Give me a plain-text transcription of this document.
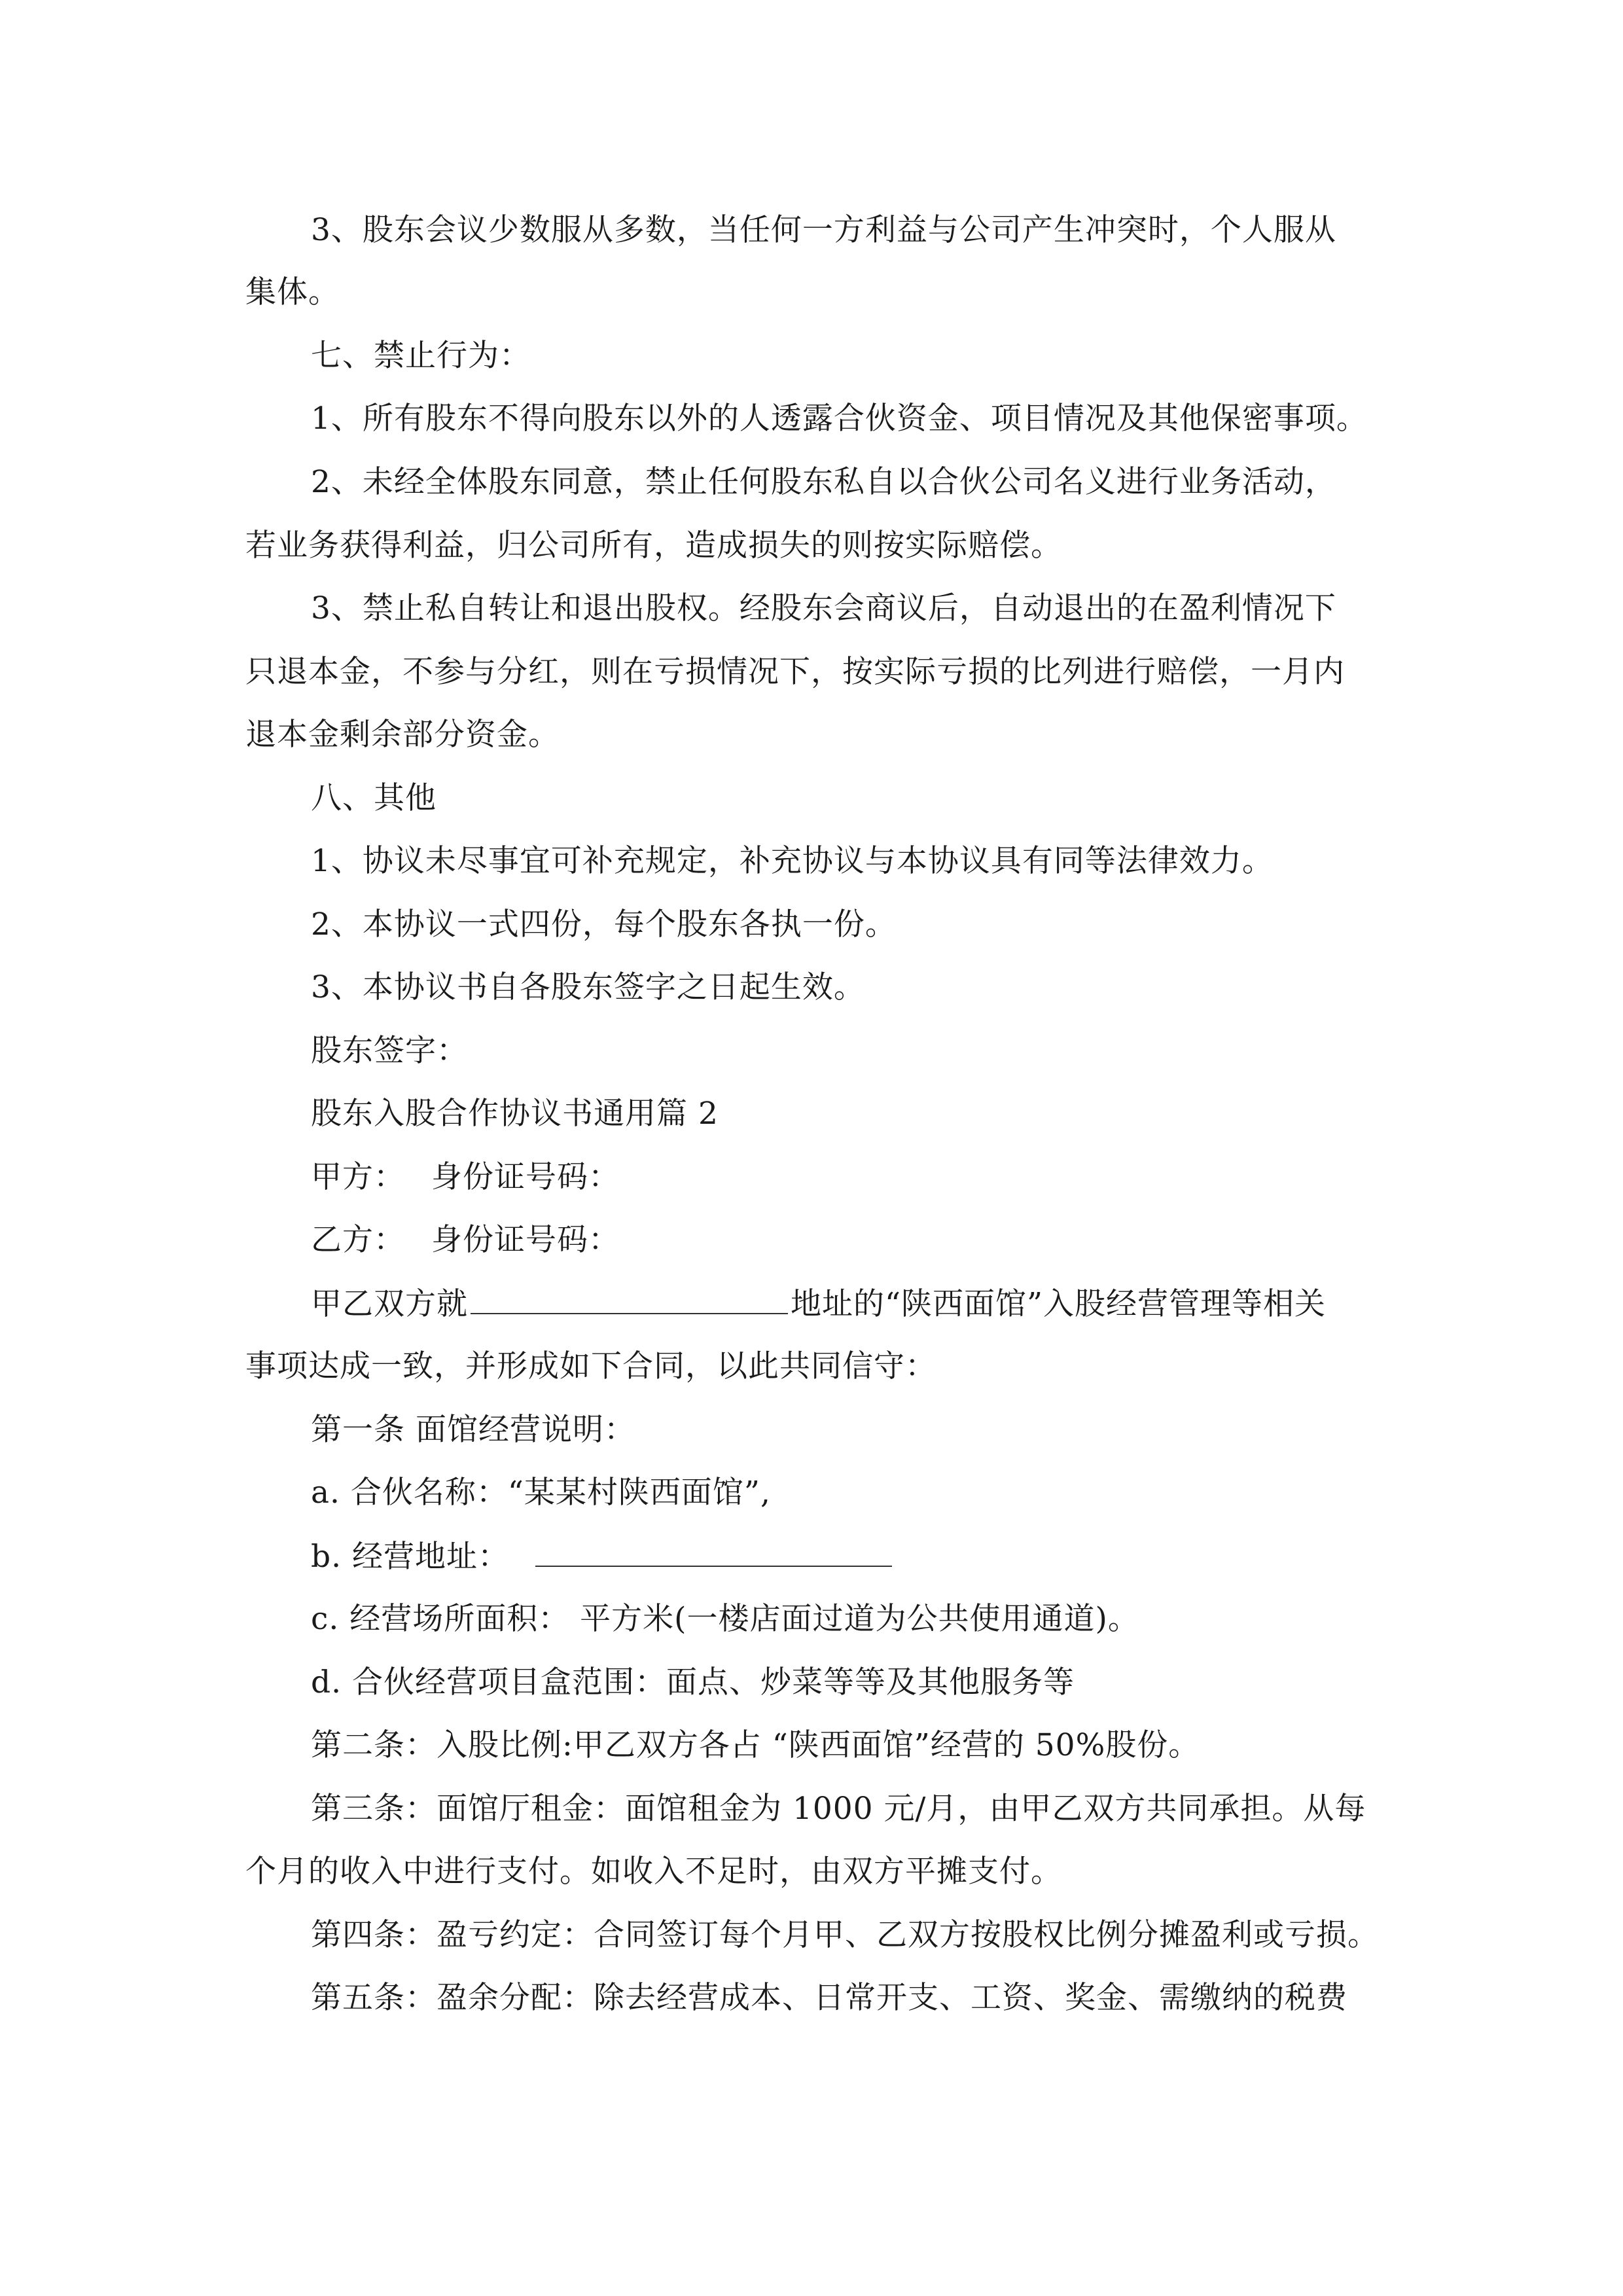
3、股东会议少数服从多数，当任何一方利益与公司产生冲突时，个人服从
集体。
七、禁止行为：
1、所有股东不得向股东以外的人透露合伙资金、项目情况及其他保密事项。
2、未经全体股东同意，禁止任何股东私自以合伙公司名义进行业务活动，
若业务获得利益，归公司所有，造成损失的则按实际赔偿。
3、禁止私自转让和退出股权。经股东会商议后，自动退出的在盈利情况下
只退本金，不参与分红，则在亏损情况下，按实际亏损的比列进行赔偿，一月内
退本金剩余部分资金。
八、其他
1、协议未尽事宜可补充规定，补充协议与本协议具有同等法律效力。
2、本协议一式四份，每个股东各执一份。
3、本协议书自各股东签字之日起生效。
股东签字：
股东入股合作协议书通用篇 2
甲方： 身份证号码：
乙方： 身份证号码：
甲乙双方就	地址的“陕西面馆”入股经营管理等相关
事项达成一致，并形成如下合同，以此共同信守：
第一条 面馆经营说明：
a. 合伙名称：“某某村陕西面馆”,
b. 经营地址：
c. 经营场所面积： 平方米(一楼店面过道为公共使用通道)。
d. 合伙经营项目盒范围：面点、炒菜等等及其他服务等
第二条：入股比例:甲乙双方各占 “陕西面馆”经营的 50%股份。
第三条：面馆厅租金：面馆租金为 1000 元/月，由甲乙双方共同承担。从每
个月的收入中进行支付。如收入不足时，由双方平摊支付。
第四条：盈亏约定：合同签订每个月甲、乙双方按股权比例分摊盈利或亏损。
第五条：盈余分配：除去经营成本、日常开支、工资、奖金、需缴纳的税费
